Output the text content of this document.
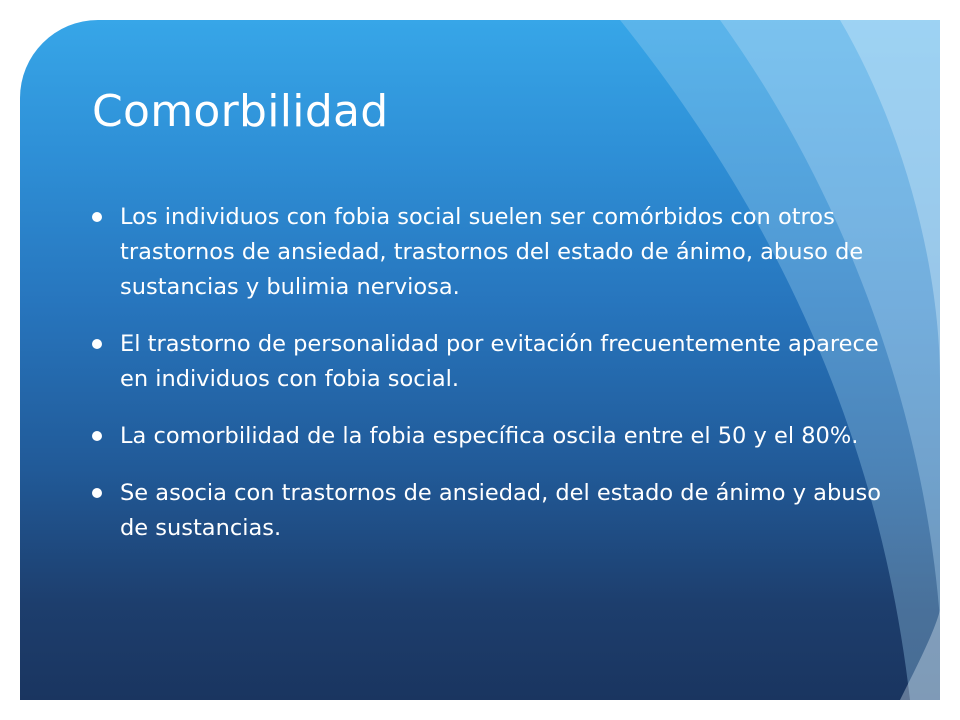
Comorbilidad
Los individuos con fobia social suelen ser comórbidos con otros trastornos de ansiedad, trastornos del estado de ánimo, abuso de sustancias y bulimia nerviosa.
El trastorno de personalidad por evitación frecuentemente aparece en individuos con fobia social.
La comorbilidad de la fobia específica oscila entre el 50 y el 80%.
Se asocia con trastornos de ansiedad, del estado de ánimo y abuso de sustancias.
